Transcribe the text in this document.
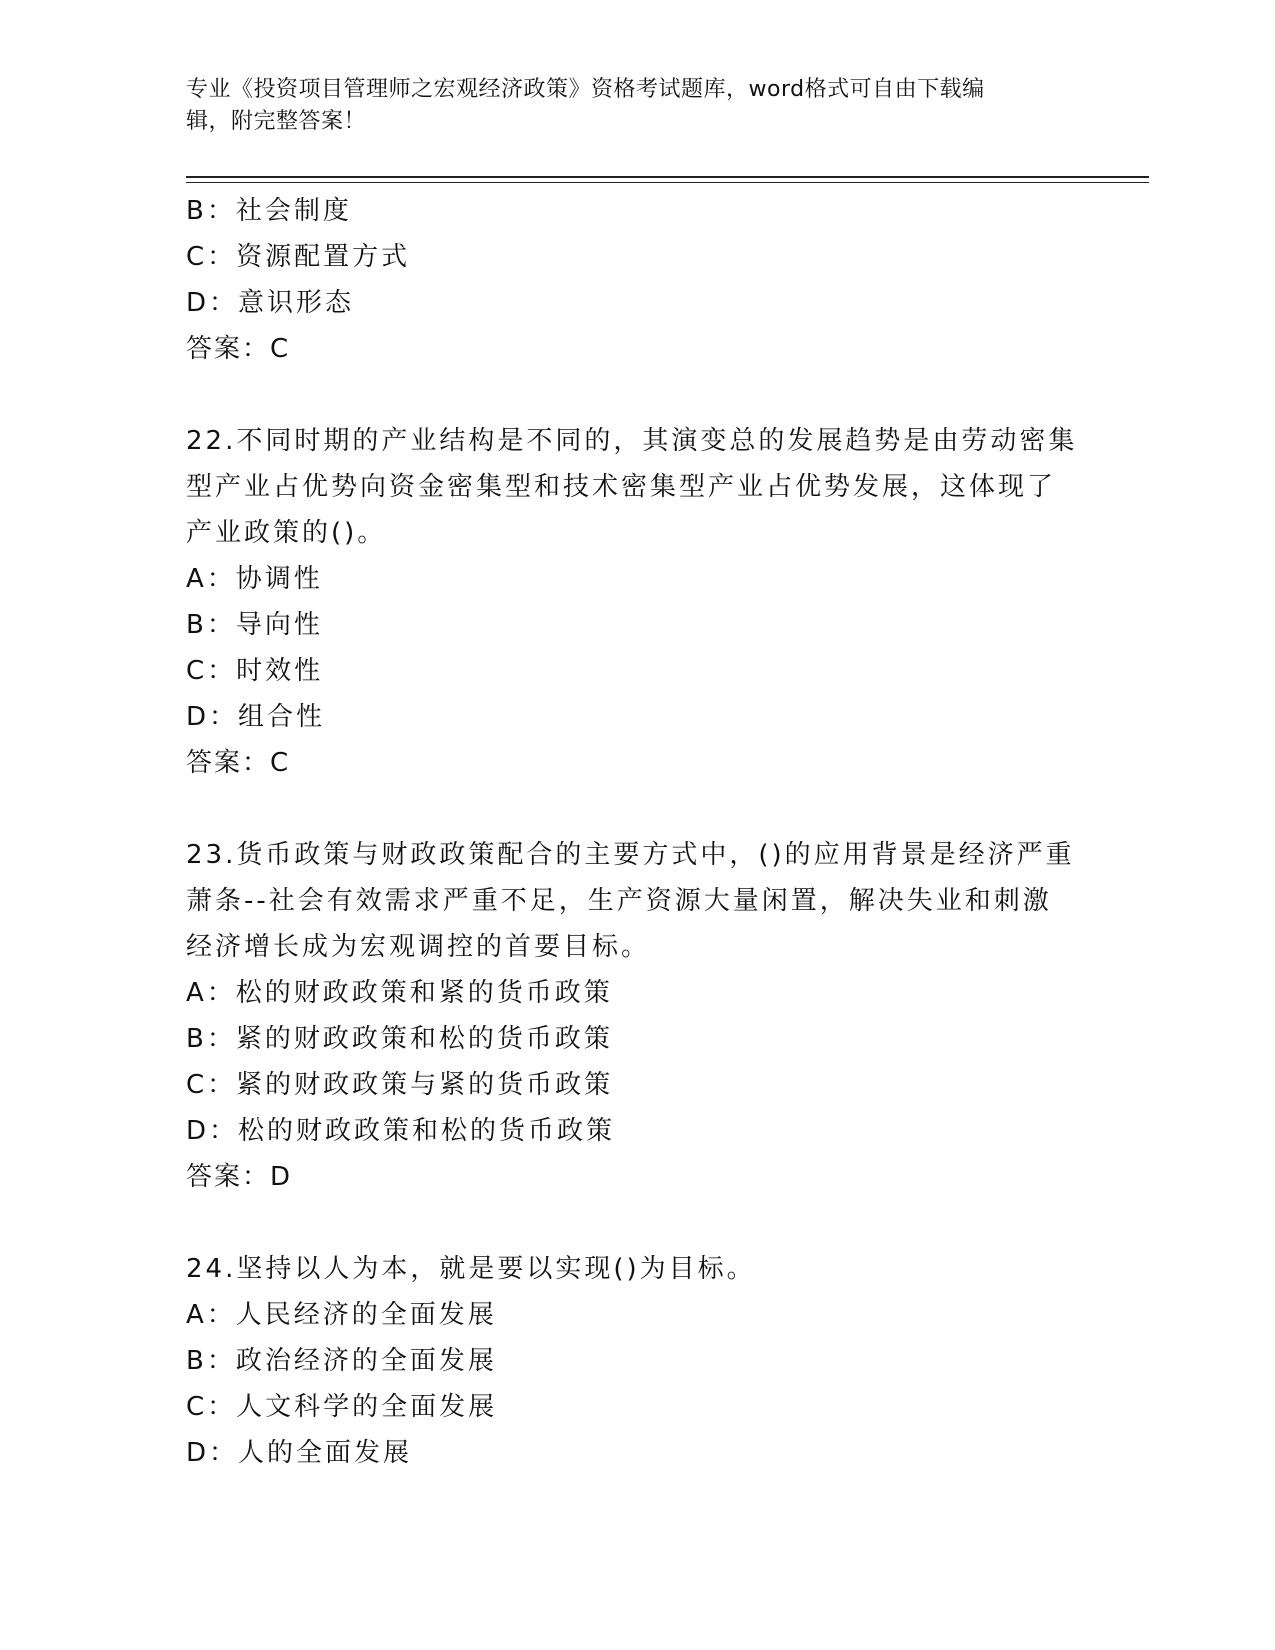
专业《投资项目管理师之宏观经济政策》资格考试题库，word格式可自由下载编
辑，附完整答案！
B：社会制度
C：资源配置方式
D：意识形态
答案：C
22.不同时期的产业结构是不同的，其演变总的发展趋势是由劳动密集
型产业占优势向资金密集型和技术密集型产业占优势发展，这体现了
产业政策的()。
A：协调性
B：导向性
C：时效性
D：组合性
答案：C
23.货币政策与财政政策配合的主要方式中，()的应用背景是经济严重
萧条--社会有效需求严重不足，生产资源大量闲置，解决失业和刺激
经济增长成为宏观调控的首要目标。
A：松的财政政策和紧的货币政策
B：紧的财政政策和松的货币政策
C：紧的财政政策与紧的货币政策
D：松的财政政策和松的货币政策
答案：D
24.坚持以人为本，就是要以实现()为目标。
A：人民经济的全面发展
B：政治经济的全面发展
C：人文科学的全面发展
D：人的全面发展
